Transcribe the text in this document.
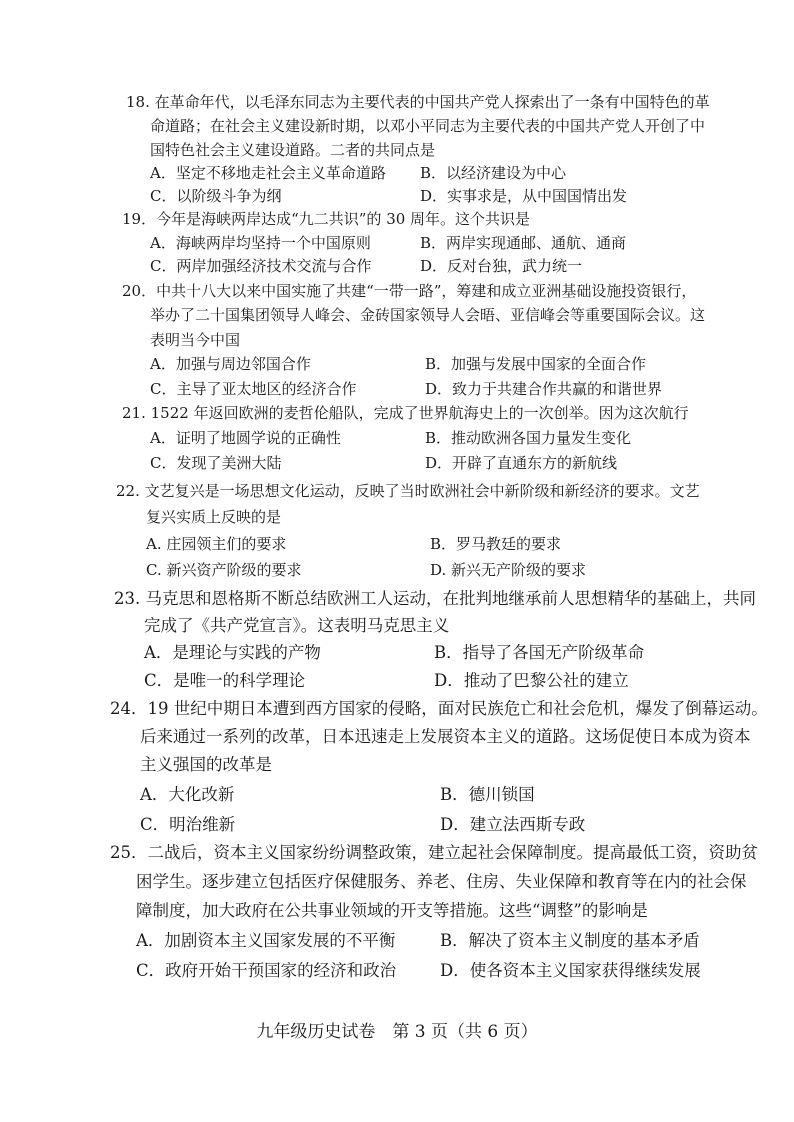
18. 在革命年代，以毛泽东同志为主要代表的中国共产党人探索出了一条有中国特色的革
命道路；在社会主义建设新时期，以邓小平同志为主要代表的中国共产党人开创了中
国特色社会主义建设道路。二者的共同点是
A．坚定不移地走社会主义革命道路 B．以经济建设为中心
C．以阶级斗争为纲	D．实事求是，从中国国情出发
19．今年是海峡两岸达成“九二共识”的 30 周年。这个共识是
A．海峡两岸均坚持一个中国原则	B．两岸实现通邮、通航、通商
C．两岸加强经济技术交流与合作	D．反对台独，武力统一
20．中共十八大以来中国实施了共建“一带一路”，筹建和成立亚洲基础设施投资银行，
举办了二十国集团领导人峰会、金砖国家领导人会晤、亚信峰会等重要国际会议。这
表明当今中国
A．加强与周边邻国合作	B．加强与发展中国家的全面合作
C．主导了亚太地区的经济合作	D．致力于共建合作共赢的和谐世界
21. 1522 年返回欧洲的麦哲伦船队，完成了世界航海史上的一次创举。因为这次航行
A．证明了地圆学说的正确性	B．推动欧洲各国力量发生变化
C．发现了美洲大陆	D．开辟了直通东方的新航线
22. 文艺复兴是一场思想文化运动，反映了当时欧洲社会中新阶级和新经济的要求。文艺
复兴实质上反映的是
A. 庄园领主们的要求	B．罗马教廷的要求
C. 新兴资产阶级的要求	D. 新兴无产阶级的要求
23. 马克思和恩格斯不断总结欧洲工人运动，在批判地继承前人思想精华的基础上，共同
完成了《共产党宣言》。这表明马克思主义
A．是理论与实践的产物	B．指导了各国无产阶级革命
C．是唯一的科学理论	D．推动了巴黎公社的建立
24．19 世纪中期日本遭到西方国家的侵略，面对民族危亡和社会危机，爆发了倒幕运动。
后来通过一系列的改革，日本迅速走上发展资本主义的道路。这场促使日本成为资本
主义强国的改革是
A．大化改新	B．德川锁国
C．明治维新	D．建立法西斯专政
25．二战后，资本主义国家纷纷调整政策，建立起社会保障制度。提高最低工资，资助贫
困学生。逐步建立包括医疗保健服务、养老、住房、失业保障和教育等在内的社会保
障制度，加大政府在公共事业领域的开支等措施。这些“调整”的影响是
A．加剧资本主义国家发展的不平衡	B．解决了资本主义制度的基本矛盾
C．政府开始干预国家的经济和政治	D．使各资本主义国家获得继续发展
九年级历史试卷　第 3 页（共 6 页）
